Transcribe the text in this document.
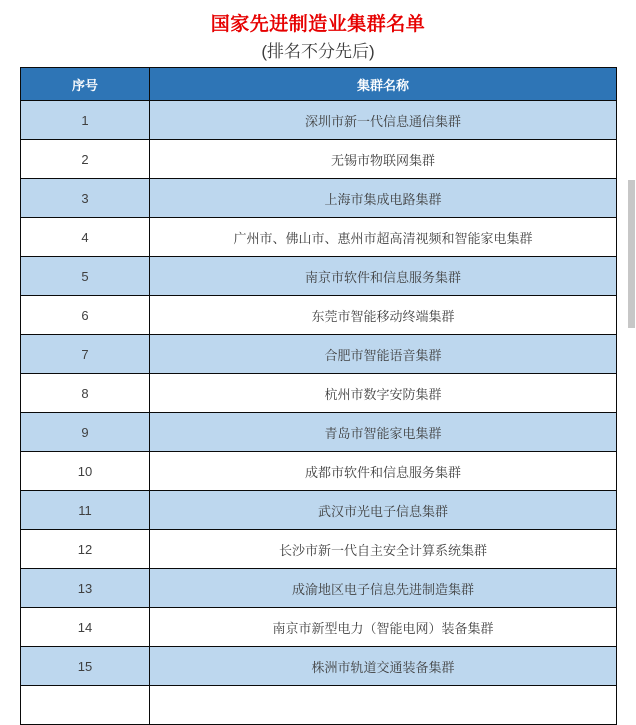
国家先进制造业集群名单
(排名不分先后)
序号	集群名称
1	深圳市新一代信息通信集群
2	无锡市物联网集群
3	上海市集成电路集群
4	广州市、佛山市、惠州市超高清视频和智能家电集群
5	南京市软件和信息服务集群
6	东莞市智能移动终端集群
7	合肥市智能语音集群
8	杭州市数字安防集群
9	青岛市智能家电集群
10	成都市软件和信息服务集群
11	武汉市光电子信息集群
12	长沙市新一代自主安全计算系统集群
13	成渝地区电子信息先进制造集群
14	南京市新型电力（智能电网）装备集群
15	株洲市轨道交通装备集群
